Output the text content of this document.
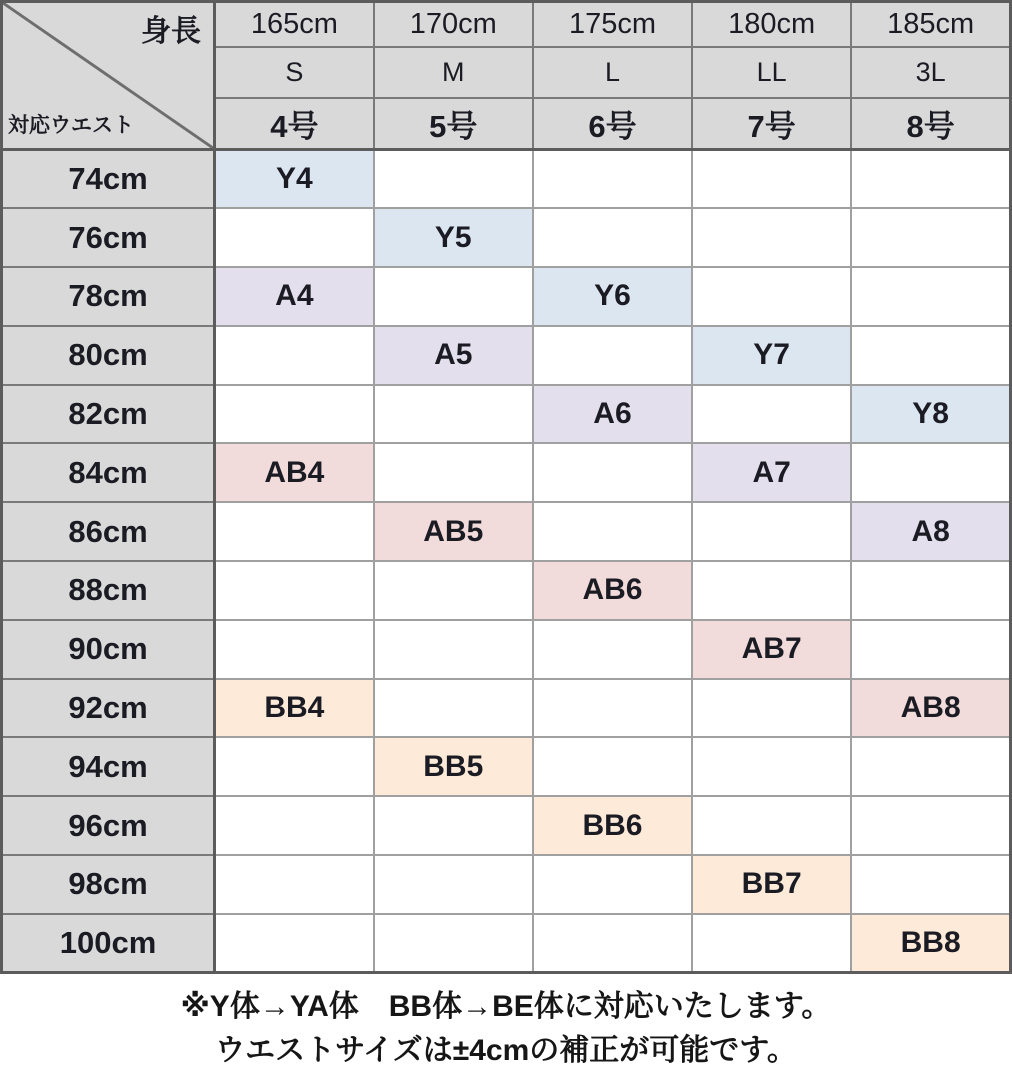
身長
対応ウエスト	165cm	170cm	175cm	180cm	185cm
	S	M	L	LL	3L
	4号	5号	6号	7号	8号
74cm	Y4				
76cm		Y5			
78cm	A4		Y6		
80cm		A5		Y7	
82cm			A6		Y8
84cm	AB4			A7	
86cm		AB5			A8
88cm			AB6		
90cm				AB7	
92cm	BB4				AB8
94cm		BB5			
96cm			BB6		
98cm				BB7	
100cm					BB8
※Y体→YA体　BB体→BE体に対応いたします。
ウエストサイズは±4cmの補正が可能です。
